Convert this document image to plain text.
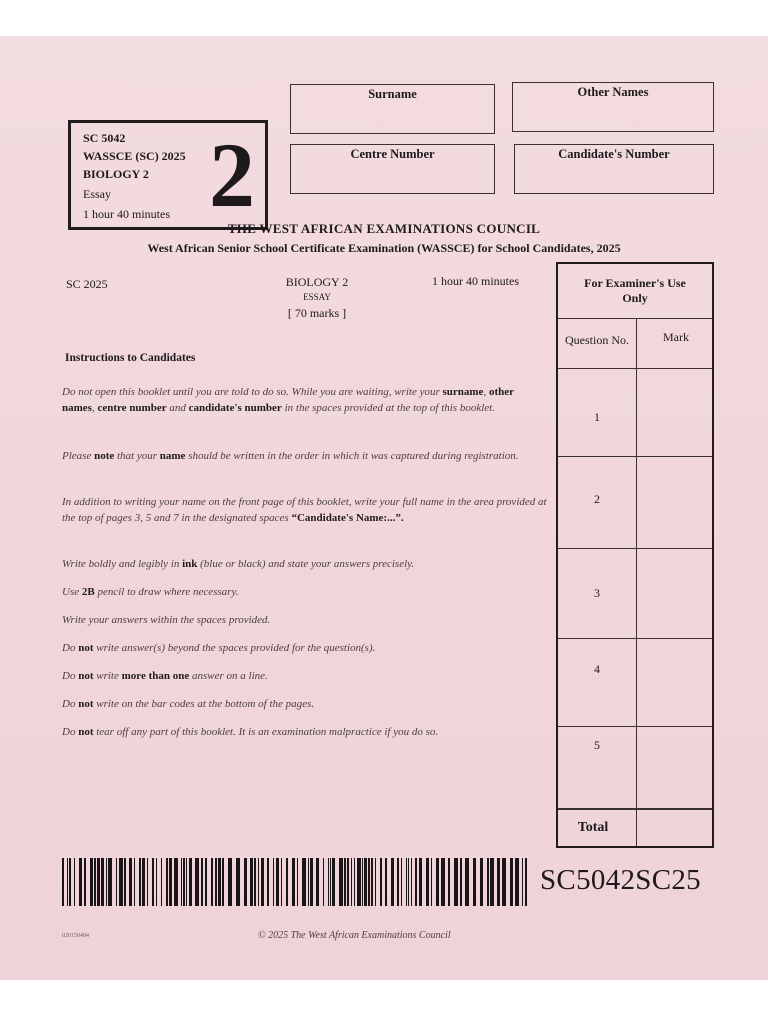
SC 5042
WASSCE (SC) 2025
BIOLOGY 2
Essay
1 hour 40 minutes 2
Surname	Other Names
Centre Number	Candidate's Number
THE WEST AFRICAN EXAMINATIONS COUNCIL
West African Senior School Certificate Examination (WASSCE) for School Candidates, 2025
SC 2025	BIOLOGY 2
ESSAY
[ 70 marks ]
1 hour 40 minutes
Instructions to Candidates
Do not open this booklet until you are told to do so. While you are waiting, write your surname, other names, centre number and candidate's number in the spaces provided at the top of this booklet.
Please note that your name should be written in the order in which it was captured during registration.
In addition to writing your name on the front page of this booklet, write your full name in the area provided at the top of pages 3, 5 and 7 in the designated spaces “Candidate's Name:...”.
Write boldly and legibly in ink (blue or black) and state your answers precisely.
Use 2B pencil to draw where necessary.
Write your answers within the spaces provided.
Do not write answer(s) beyond the spaces provided for the question(s).
Do not write more than one answer on a line.
Do not write on the bar codes at the bottom of the pages.
Do not tear off any part of this booklet. It is an examination malpractice if you do so.
For Examiner's Use Only
Question No.	Mark
1
2
3
4
5
Total
SC5042SC25
020150404	© 2025 The West African Examinations Council
